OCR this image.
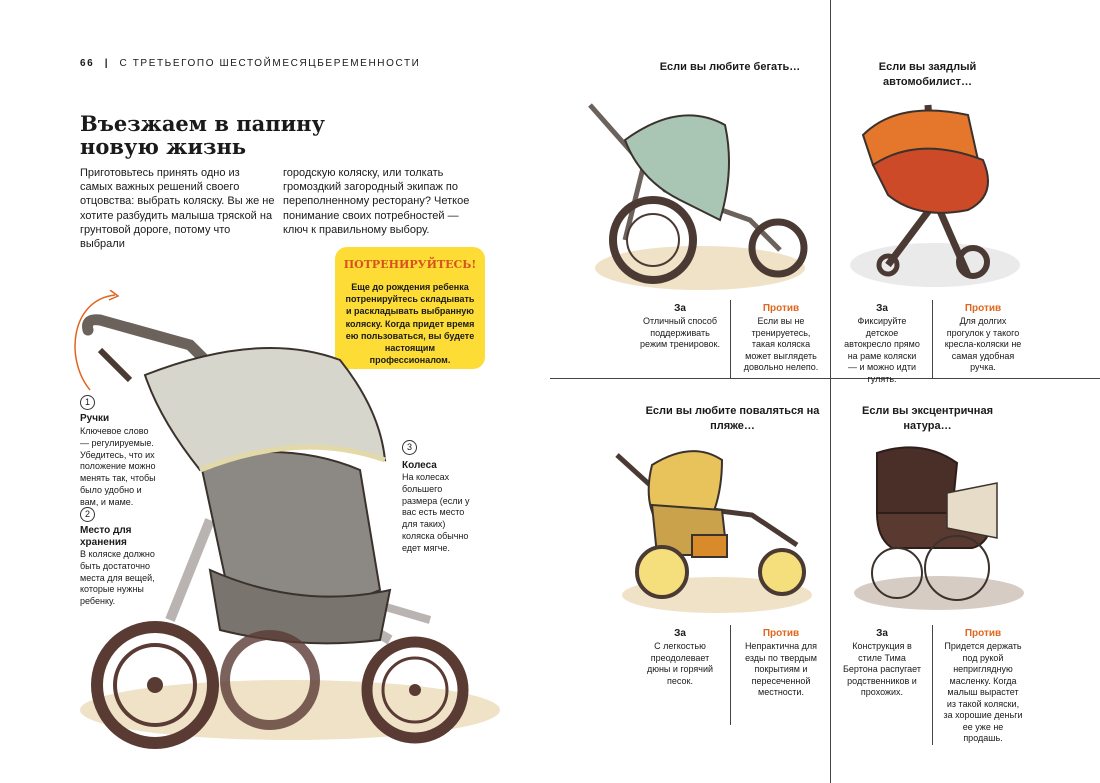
66 | С ТРЕТЬЕГОПО ШЕСТОЙМЕСЯЦБЕРЕМЕННОСТИ
Въезжаем в папину новую жизнь
Приготовьтесь принять одно из самых важных решений своего отцовства: выбрать коляску. Вы же не хотите разбудить малыша тряской на грунтовой дороге, потому что выбрали
городскую коляску, или толкать громоздкий загородный экипаж по переполненному ресторану? Четкое понимание своих потребностей — ключ к правильному выбору.
ПОТРЕНИРУЙТЕСЬ!
Еще до рождения ребенка потренируйтесь складывать и раскладывать выбранную коляску. Когда придет время ею пользоваться, вы будете настоящим профессионалом.
1
Ручки
Ключевое слово — регулируемые. Убедитесь, что их положение можно менять так, чтобы было удобно и вам, и маме.
2
Место для хранения
В коляске должно быть достаточно места для вещей, которые нужны ребенку.
3
Колеса
На колесах большего размера (если у вас есть место для таких) коляска обычно едет мягче.
Если вы любите бегать…
За
Отличный способ поддерживать режим тренировок.
Против
Если вы не тренируетесь, такая коляска может выглядеть довольно нелепо.
Если вы заядлый автомобилист…
За
Фиксируйте детское автокресло прямо на раме коляски — и можно идти гулять.
Против
Для долгих прогулок у такого кресла-коляски не самая удобная ручка.
Если вы любите поваляться на пляже…
За
С легкостью преодолевает дюны и горячий песок.
Против
Непрактична для езды по твердым покрытиям и пересеченной местности.
Если вы эксцентричная натура…
За
Конструкция в стиле Тима Бертона распугает родственников и прохожих.
Против
Придется держать под рукой неприглядную масленку. Когда малыш вырастет из такой коляски, за хорошие деньги ее уже не продашь.
